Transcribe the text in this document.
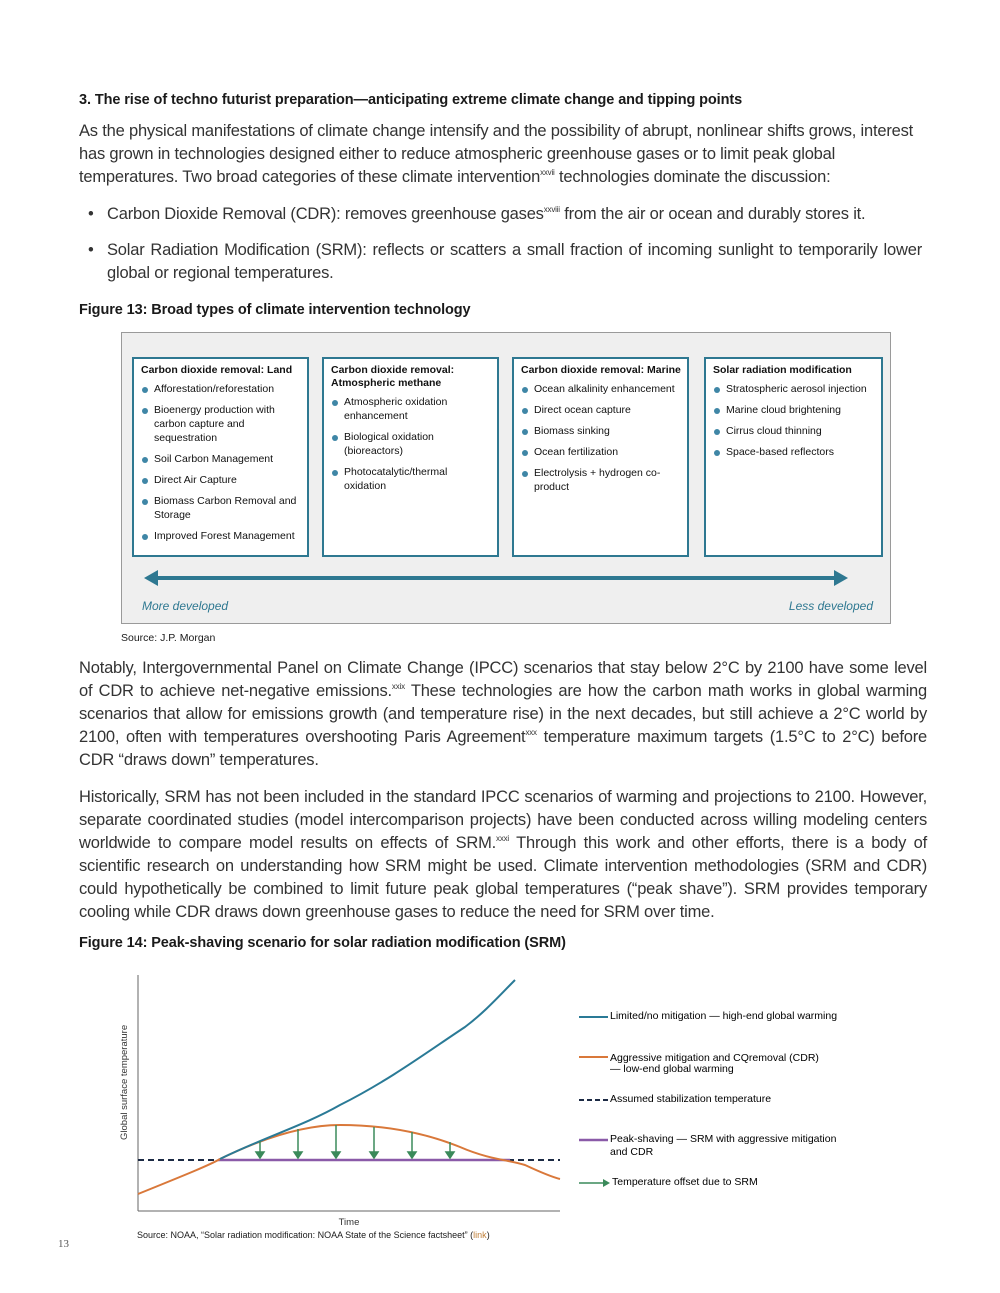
3. The rise of techno futurist preparation—anticipating extreme climate change and tipping points
As the physical manifestations of climate change intensify and the possibility of abrupt, nonlinear shifts grows, interest has grown in technologies designed either to reduce atmospheric greenhouse gases or to limit peak global temperatures. Two broad categories of these climate intervention$^{xxvii}$ technologies dominate the discussion:
• Carbon Dioxide Removal (CDR): removes greenhouse gases$^{xxviii}$ from the air or ocean and durably stores it.
• Solar Radiation Modification (SRM): reflects or scatters a small fraction of incoming sunlight to temporarily lower global or regional temperatures.
Figure 13: Broad types of climate intervention technology
Carbon dioxide removal: Land
Afforestation/reforestation
Bioenergy production with carbon capture and sequestration
Soil Carbon Management
Direct Air Capture
Biomass Carbon Removal and Storage
Improved Forest Management
Carbon dioxide removal: Atmospheric methane
Atmospheric oxidation enhancement
Biological oxidation (bioreactors)
Photocatalytic/thermal oxidation
Carbon dioxide removal: Marine
Ocean alkalinity enhancement
Direct ocean capture
Biomass sinking
Ocean fertilization
Electrolysis + hydrogen co-product
Solar radiation modification
Stratospheric aerosol injection
Marine cloud brightening
Cirrus cloud thinning
Space-based reflectors
More developed	Less developed
Source: J.P. Morgan
Notably, Intergovernmental Panel on Climate Change (IPCC) scenarios that stay below 2°C by 2100 have some level of CDR to achieve net-negative emissions.$^{xxix}$ These technologies are how the carbon math works in global warming scenarios that allow for emissions growth (and temperature rise) in the next decades, but still achieve a 2°C world by 2100, often with temperatures overshooting Paris Agreement$^{xxx}$ temperature maximum targets (1.5°C to 2°C) before CDR “draws down” temperatures.
Historically, SRM has not been included in the standard IPCC scenarios of warming and projections to 2100. However, separate coordinated studies (model intercomparison projects) have been conducted across willing modeling centers worldwide to compare model results on effects of SRM.$^{xxxi}$ Through this work and other efforts, there is a body of scientific research on understanding how SRM might be used. Climate intervention methodologies (SRM and CDR) could hypothetically be combined to limit future peak global temperatures (“peak shave”). SRM provides temporary cooling while CDR draws down greenhouse gases to reduce the need for SRM over time.
Figure 14: Peak-shaving scenario for solar radiation modification (SRM)
Global surface temperature
Time
Limited/no mitigation — high-end global warming
Aggressive mitigation and CQremoval (CDR)
— low-end global warming
Assumed stabilization temperature
Peak-shaving — SRM with aggressive mitigation
and CDR
Temperature offset due to SRM
Source: NOAA, “Solar radiation modification: NOAA State of the Science factsheet” (link)
13
